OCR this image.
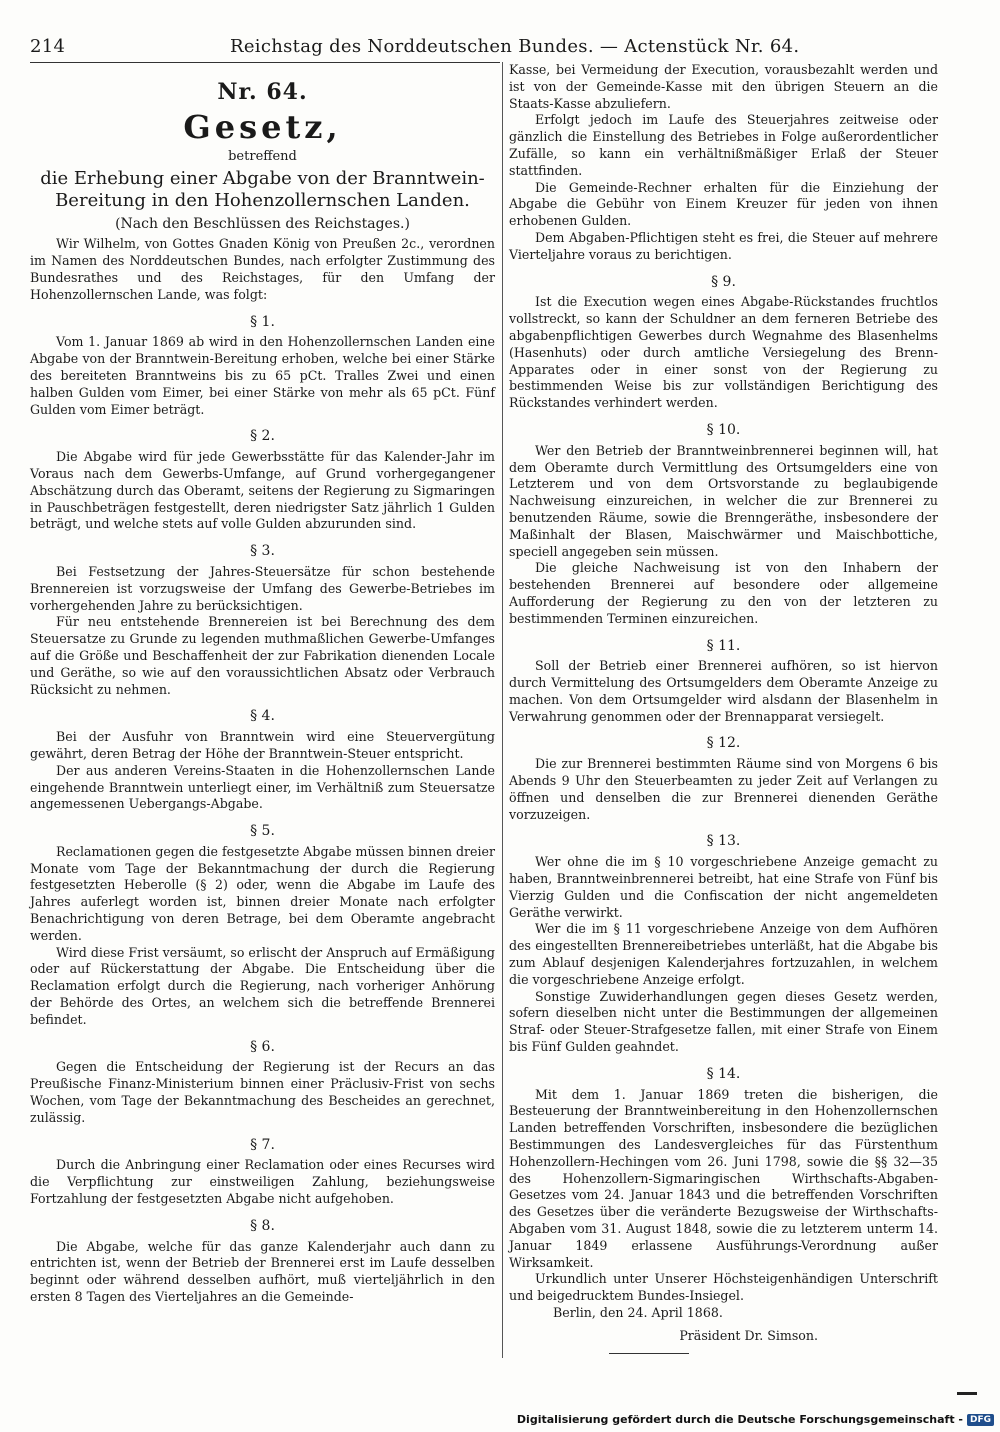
214	Reichstag des Norddeutschen Bundes. — Actenstück Nr. 64.

Nr. 64.

Gesetz,

betreffend

die Erhebung einer Abgabe von der Branntwein-Bereitung in den Hohenzollernschen Landen.

(Nach den Beschlüssen des Reichstages.)

Wir Wilhelm, von Gottes Gnaden König von Preußen 2c., verordnen im Namen des Norddeutschen Bundes, nach erfolgter Zustimmung des Bundesrathes und des Reichstages, für den Umfang der Hohenzollernschen Lande, was folgt:

§ 1.

Vom 1. Januar 1869 ab wird in den Hohenzollernschen Landen eine Abgabe von der Branntwein-Bereitung erhoben, welche bei einer Stärke des bereiteten Branntweins bis zu 65 pCt. Tralles Zwei und einen halben Gulden vom Eimer, bei einer Stärke von mehr als 65 pCt. Fünf Gulden vom Eimer beträgt.

§ 2.

Die Abgabe wird für jede Gewerbsstätte für das Kalender-Jahr im Voraus nach dem Gewerbs-Umfange, auf Grund vorhergegangener Abschätzung durch das Oberamt, seitens der Regierung zu Sigmaringen in Pauschbeträgen festgestellt, deren niedrigster Satz jährlich 1 Gulden beträgt, und welche stets auf volle Gulden abzurunden sind.

§ 3.

Bei Festsetzung der Jahres-Steuersätze für schon bestehende Brennereien ist vorzugsweise der Umfang des Gewerbe-Betriebes im vorhergehenden Jahre zu berücksichtigen.

Für neu entstehende Brennereien ist bei Berechnung des dem Steuersatze zu Grunde zu legenden muthmaßlichen Gewerbe-Umfanges auf die Größe und Beschaffenheit der zur Fabrikation dienenden Locale und Geräthe, so wie auf den voraussichtlichen Absatz oder Verbrauch Rücksicht zu nehmen.

§ 4.

Bei der Ausfuhr von Branntwein wird eine Steuervergütung gewährt, deren Betrag der Höhe der Branntwein-Steuer entspricht.

Der aus anderen Vereins-Staaten in die Hohenzollernschen Lande eingehende Branntwein unterliegt einer, im Verhältniß zum Steuersatze angemessenen Uebergangs-Abgabe.

§ 5.

Reclamationen gegen die festgesetzte Abgabe müssen binnen dreier Monate vom Tage der Bekanntmachung der durch die Regierung festgesetzten Heberolle (§ 2) oder, wenn die Abgabe im Laufe des Jahres auferlegt worden ist, binnen dreier Monate nach erfolgter Benachrichtigung von deren Betrage, bei dem Oberamte angebracht werden.

Wird diese Frist versäumt, so erlischt der Anspruch auf Ermäßigung oder auf Rückerstattung der Abgabe. Die Entscheidung über die Reclamation erfolgt durch die Regierung, nach vorheriger Anhörung der Behörde des Ortes, an welchem sich die betreffende Brennerei befindet.

§ 6.

Gegen die Entscheidung der Regierung ist der Recurs an das Preußische Finanz-Ministerium binnen einer Präclusiv-Frist von sechs Wochen, vom Tage der Bekanntmachung des Bescheides an gerechnet, zulässig.

§ 7.

Durch die Anbringung einer Reclamation oder eines Recurses wird die Verpflichtung zur einstweiligen Zahlung, beziehungsweise Fortzahlung der festgesetzten Abgabe nicht aufgehoben.

§ 8.

Die Abgabe, welche für das ganze Kalenderjahr auch dann zu entrichten ist, wenn der Betrieb der Brennerei erst im Laufe desselben beginnt oder während desselben aufhört, muß vierteljährlich in den ersten 8 Tagen des Vierteljahres an die Gemeinde-

Kasse, bei Vermeidung der Execution, vorausbezahlt werden und ist von der Gemeinde-Kasse mit den übrigen Steuern an die Staats-Kasse abzuliefern.

Erfolgt jedoch im Laufe des Steuerjahres zeitweise oder gänzlich die Einstellung des Betriebes in Folge außerordentlicher Zufälle, so kann ein verhältnißmäßiger Erlaß der Steuer stattfinden.

Die Gemeinde-Rechner erhalten für die Einziehung der Abgabe die Gebühr von Einem Kreuzer für jeden von ihnen erhobenen Gulden.

Dem Abgaben-Pflichtigen steht es frei, die Steuer auf mehrere Vierteljahre voraus zu berichtigen.

§ 9.

Ist die Execution wegen eines Abgabe-Rückstandes fruchtlos vollstreckt, so kann der Schuldner an dem ferneren Betriebe des abgabenpflichtigen Gewerbes durch Wegnahme des Blasenhelms (Hasenhuts) oder durch amtliche Versiegelung des Brenn-Apparates oder in einer sonst von der Regierung zu bestimmenden Weise bis zur vollständigen Berichtigung des Rückstandes verhindert werden.

§ 10.

Wer den Betrieb der Branntweinbrennerei beginnen will, hat dem Oberamte durch Vermittlung des Ortsumgelders eine von Letzterem und von dem Ortsvorstande zu beglaubigende Nachweisung einzureichen, in welcher die zur Brennerei zu benutzenden Räume, sowie die Brenngeräthe, insbesondere der Maßinhalt der Blasen, Maischwärmer und Maischbottiche, speciell angegeben sein müssen.

Die gleiche Nachweisung ist von den Inhabern der bestehenden Brennerei auf besondere oder allgemeine Aufforderung der Regierung zu den von der letzteren zu bestimmenden Terminen einzureichen.

§ 11.

Soll der Betrieb einer Brennerei aufhören, so ist hiervon durch Vermittelung des Ortsumgelders dem Oberamte Anzeige zu machen. Von dem Ortsumgelder wird alsdann der Blasenhelm in Verwahrung genommen oder der Brennapparat versiegelt.

§ 12.

Die zur Brennerei bestimmten Räume sind von Morgens 6 bis Abends 9 Uhr den Steuerbeamten zu jeder Zeit auf Verlangen zu öffnen und denselben die zur Brennerei dienenden Geräthe vorzuzeigen.

§ 13.

Wer ohne die im § 10 vorgeschriebene Anzeige gemacht zu haben, Branntweinbrennerei betreibt, hat eine Strafe von Fünf bis Vierzig Gulden und die Confiscation der nicht angemeldeten Geräthe verwirkt.

Wer die im § 11 vorgeschriebene Anzeige von dem Aufhören des eingestellten Brennereibetriebes unterläßt, hat die Abgabe bis zum Ablauf desjenigen Kalenderjahres fortzuzahlen, in welchem die vorgeschriebene Anzeige erfolgt.

Sonstige Zuwiderhandlungen gegen dieses Gesetz werden, sofern dieselben nicht unter die Bestimmungen der allgemeinen Straf- oder Steuer-Strafgesetze fallen, mit einer Strafe von Einem bis Fünf Gulden geahndet.

§ 14.

Mit dem 1. Januar 1869 treten die bisherigen, die Besteuerung der Branntweinbereitung in den Hohenzollernschen Landen betreffenden Vorschriften, insbesondere die bezüglichen Bestimmungen des Landesvergleiches für das Fürstenthum Hohenzollern-Hechingen vom 26. Juni 1798, sowie die §§ 32—35 des Hohenzollern-Sigmaringischen Wirthschafts-Abgaben-Gesetzes vom 24. Januar 1843 und die betreffenden Vorschriften des Gesetzes über die veränderte Bezugsweise der Wirthschafts-Abgaben vom 31. August 1848, sowie die zu letzterem unterm 14. Januar 1849 erlassene Ausführungs-Verordnung außer Wirksamkeit.

Urkundlich unter Unserer Höchsteigenhändigen Unterschrift und beigedrucktem Bundes-Insiegel.

Berlin, den 24. April 1868.

Präsident Dr. Simson.

Digitalisierung gefördert durch die Deutsche Forschungsgemeinschaft - DFG
